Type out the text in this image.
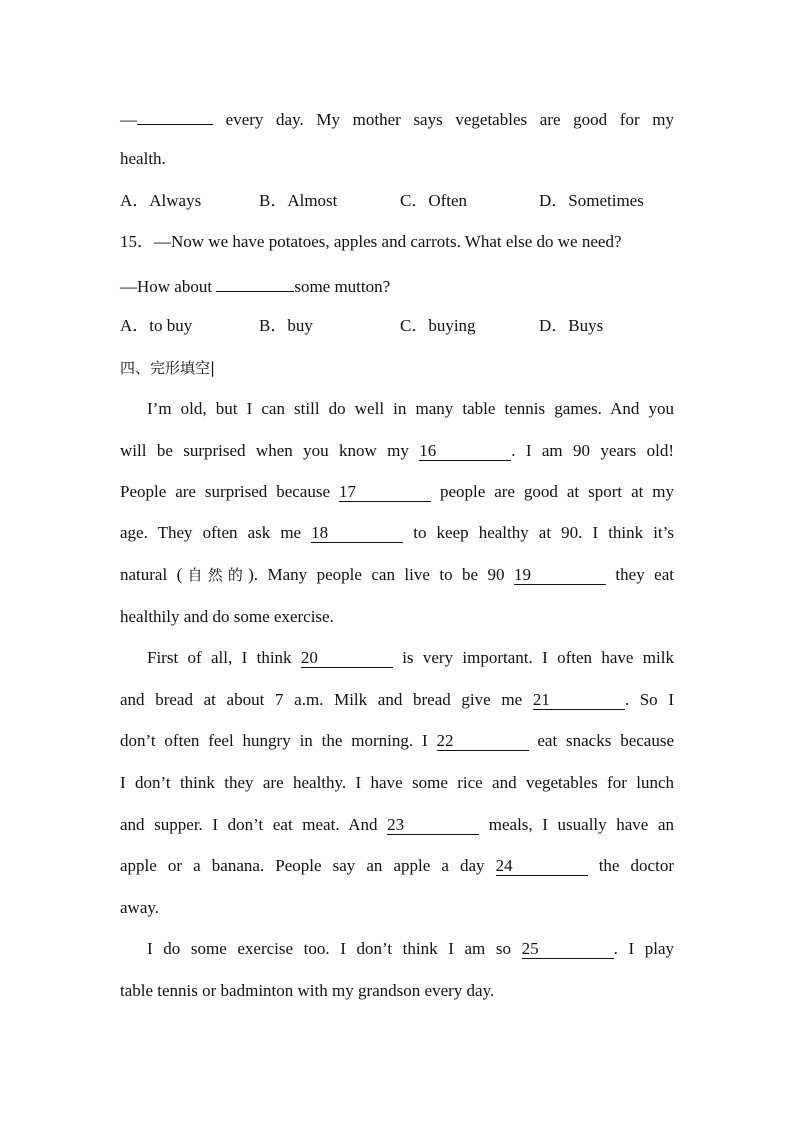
—	every day. My mother says vegetables are good for my
health.
A．Always	B．Almost	C．Often	D．Sometimes
15．—Now we have potatoes, apples and carrots. What else do we need?
—How about	some mutton?
A．to buy	B．buy	C．buying	D．Buys
四、完形填空|
I’m old, but I can still do well in many table tennis games. And you
will be surprised when you know my 16	. I am 90 years old!
People are surprised because 17	people are good at sport at my
age. They often ask me 18	to keep healthy at 90. I think it’s
natural (自然的). Many people can live to be 90 19	they eat
healthily and do some exercise.
First of all, I think 20	is very important. I often have milk
and bread at about 7 a.m. Milk and bread give me 21	. So I
don’t often feel hungry in the morning. I 22	eat snacks because
I don’t think they are healthy. I have some rice and vegetables for lunch
and supper. I don’t eat meat. And 23	meals, I usually have an
apple or a banana. People say an apple a day 24	the doctor
away.
I do some exercise too. I don’t think I am so 25	. I play
table tennis or badminton with my grandson every day.
